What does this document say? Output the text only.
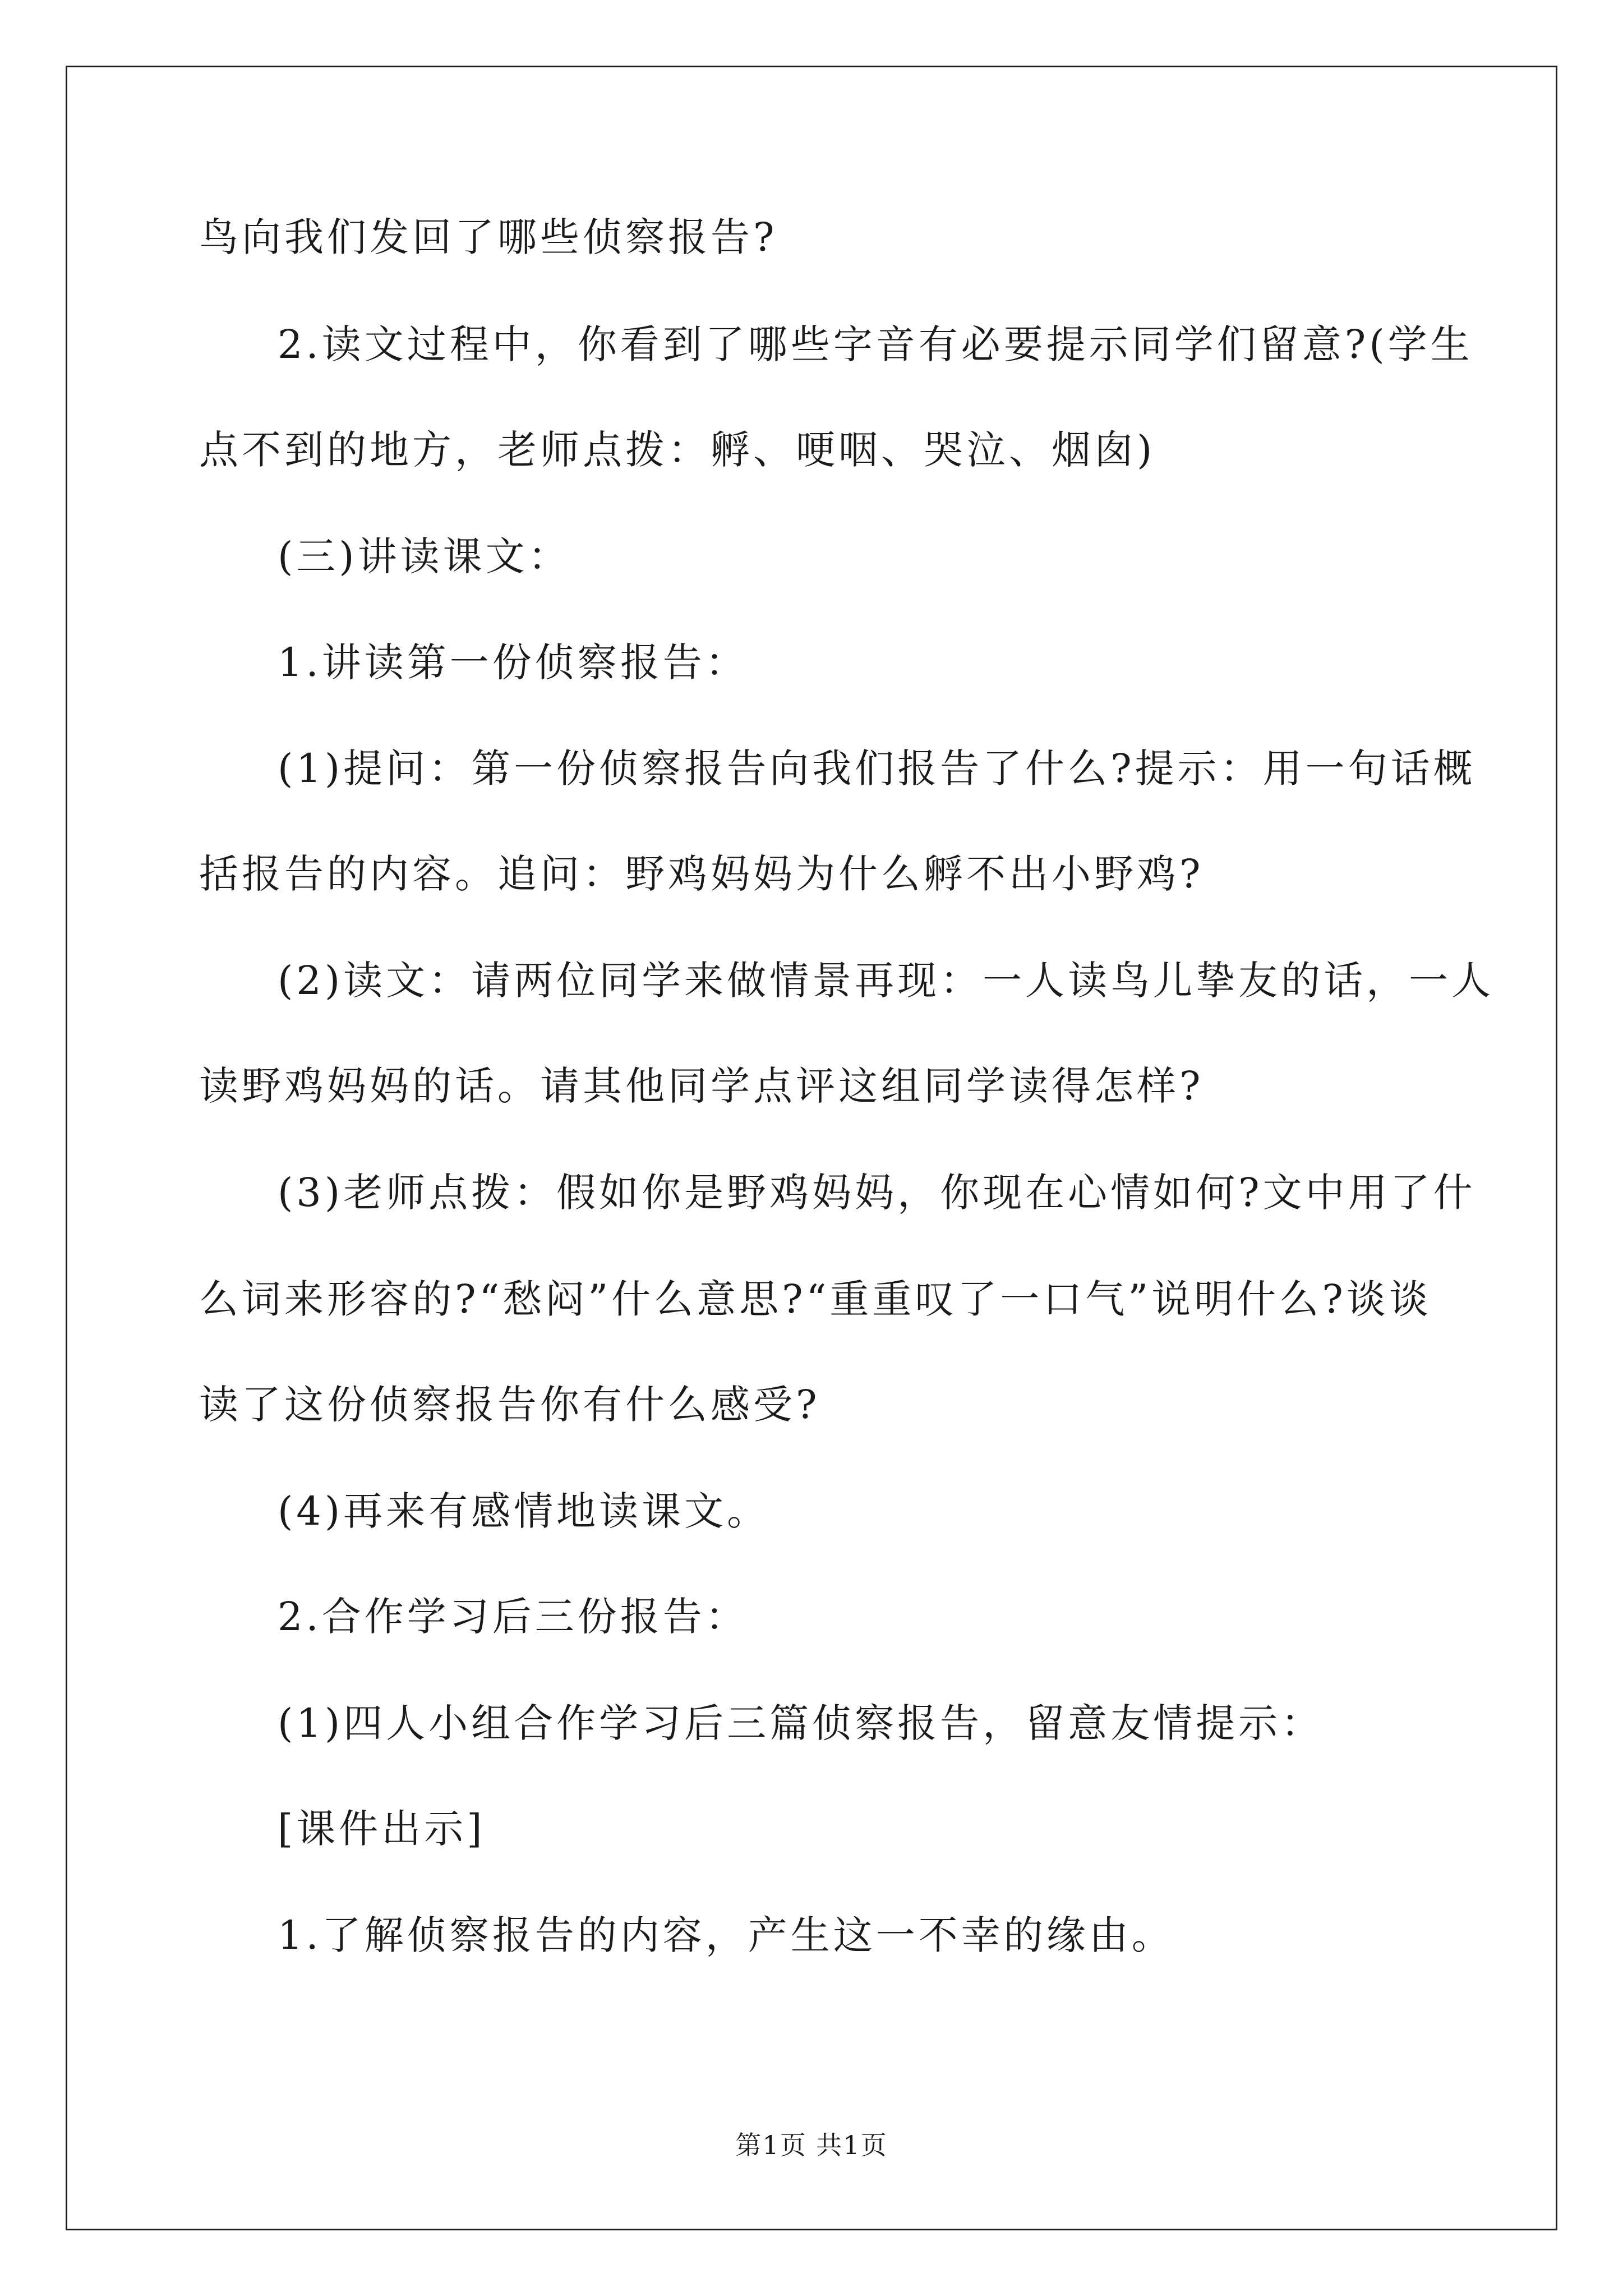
鸟向我们发回了哪些侦察报告?
2.读文过程中，你看到了哪些字音有必要提示同学们留意?(学生
点不到的地方，老师点拨：孵、哽咽、哭泣、烟囱)
(三)讲读课文：
1.讲读第一份侦察报告：
(1)提问：第一份侦察报告向我们报告了什么?提示：用一句话概
括报告的内容。追问：野鸡妈妈为什么孵不出小野鸡?
(2)读文：请两位同学来做情景再现：一人读鸟儿挚友的话，一人
读野鸡妈妈的话。请其他同学点评这组同学读得怎样?
(3)老师点拨：假如你是野鸡妈妈，你现在心情如何?文中用了什
么词来形容的?“愁闷”什么意思?“重重叹了一口气”说明什么?谈谈
读了这份侦察报告你有什么感受?
(4)再来有感情地读课文。
2.合作学习后三份报告：
(1)四人小组合作学习后三篇侦察报告，留意友情提示：
[课件出示]
1.了解侦察报告的内容，产生这一不幸的缘由。
第1页 共1页
